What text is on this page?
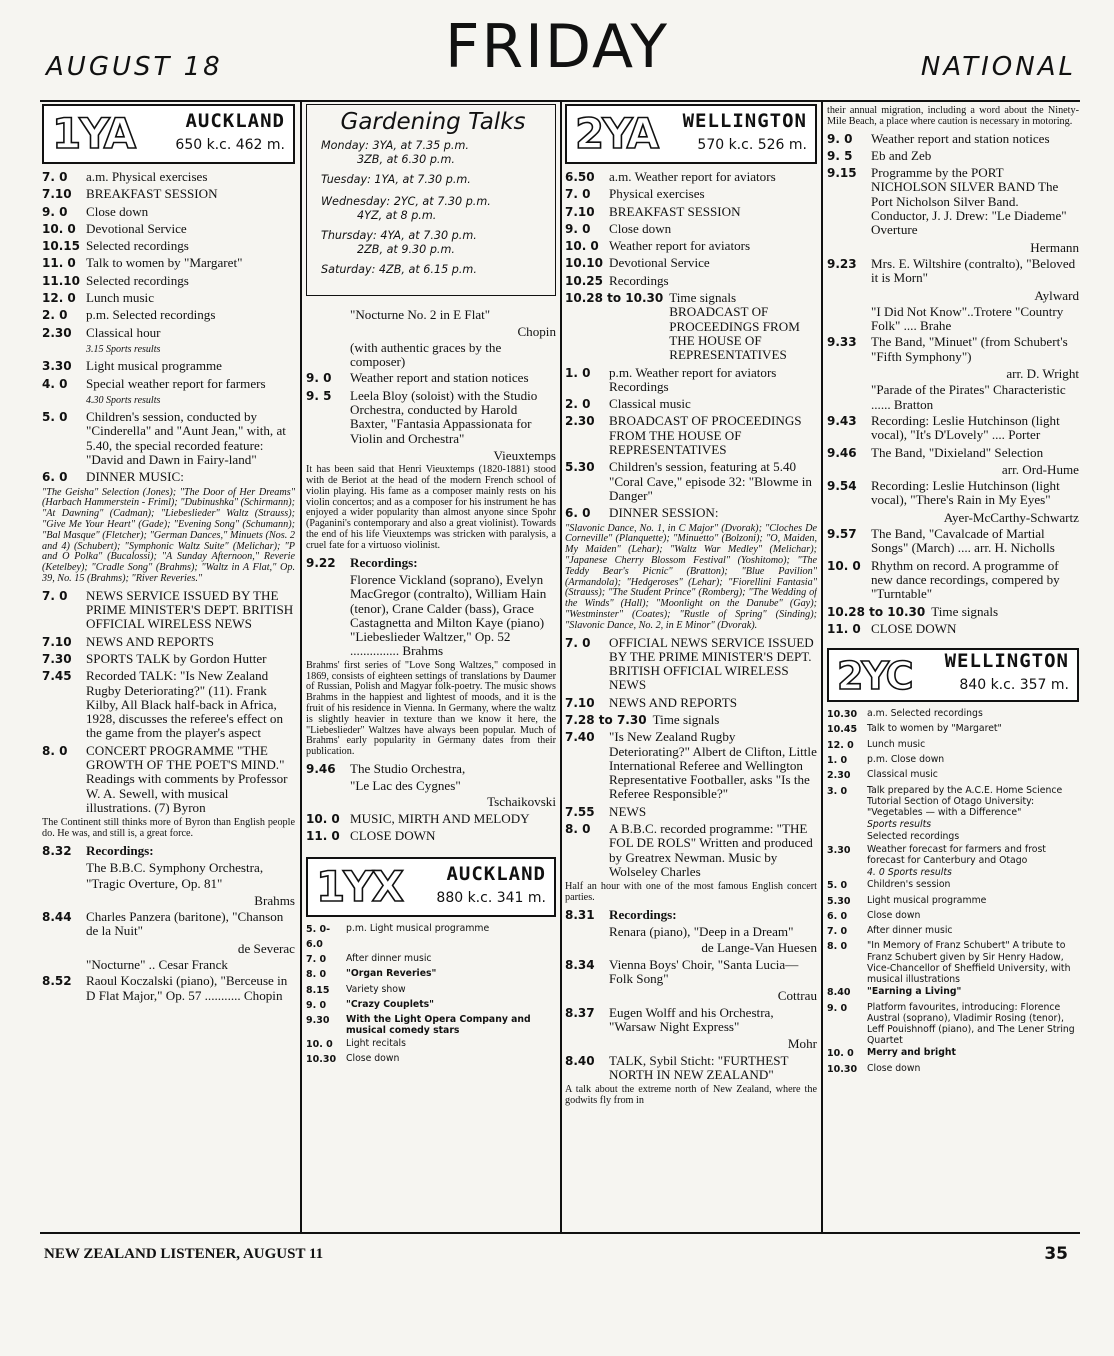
AUGUST 18	FRIDAY	NATIONAL
1YA	AUCKLAND
650 k.c. 462 m.
7. 0	a.m. Physical exercises
7.10	BREAKFAST SESSION
9. 0	Close down
10. 0 Devotional Service
10.15 Selected recordings
11. 0 Talk to women by "Margaret"
11.10 Selected recordings
12. 0 Lunch music
2. 0	p.m. Selected recordings
2.30	Classical hour
3.15 Sports results
3.30	Light musical programme
4. 0	Special weather report for farmers
4.30 Sports results
5. 0	Children's session, conducted by "Cinderella" and "Aunt Jean," with, at 5.40, the special recorded feature: "David and Dawn in Fairy-land"
6. 0	DINNER MUSIC:
"The Geisha" Selection (Jones); "The Door of Her Dreams" (Harbach Hammerstein - Friml); "Dubinushka" (Schirmann); "At Dawning" (Cadman); "Liebeslieder" Waltz (Strauss); "Give Me Your Heart" (Gade); "Evening Song" (Schumann); "Bal Masque" (Fletcher); "German Dances," Minuets (Nos. 2 and 4) (Schubert); "Symphonic Waltz Suite" (Melichar); "P and O Polka" (Bucalossi); "A Sunday Afternoon," Reverie (Ketelbey); "Cradle Song" (Brahms); "Waltz in A Flat," Op. 39, No. 15 (Brahms); "River Reveries."
7. 0	NEWS SERVICE ISSUED BY THE PRIME MINISTER'S DEPT. BRITISH OFFICIAL WIRELESS NEWS
7.10	NEWS AND REPORTS
7.30	SPORTS TALK by Gordon Hutter
7.45	Recorded TALK: "Is New Zealand Rugby Deteriorating?" (11). Frank Kilby, All Black half-back in Africa, 1928, discusses the referee's effect on the game from the player's aspect
8. 0	CONCERT PROGRAMME "THE GROWTH OF THE POET'S MIND." Readings with comments by Professor W. A. Sewell, with musical illustrations. (7) Byron
The Continent still thinks more of Byron than English people do. He was, and still is, a great force.
8.32	Recordings:
The B.B.C. Symphony Orchestra,
"Tragic Overture, Op. 81"
Brahms
8.44	Charles Panzera (baritone), "Chanson de la Nuit"
de Severac
"Nocturne" .. Cesar Franck
8.52	Raoul Koczalski (piano), "Berceuse in D Flat Major," Op. 57 ........... Chopin
Gardening Talks
Monday: 3YA, at 7.35 p.m.
3ZB, at 6.30 p.m.
Tuesday: 1YA, at 7.30 p.m.
Wednesday: 2YC, at 7.30 p.m.
4YZ, at 8 p.m.
Thursday: 4YA, at 7.30 p.m.
2ZB, at 9.30 p.m.
Saturday: 4ZB, at 6.15 p.m.
"Nocturne No. 2 in E Flat"
Chopin
(with authentic graces by the composer)
9. 0	Weather report and station notices
9. 5	Leela Bloy (soloist) with the Studio Orchestra, conducted by Harold Baxter, "Fantasia Appassionata for Violin and Orchestra"
Vieuxtemps
It has been said that Henri Vieuxtemps (1820-1881) stood with de Beriot at the head of the modern French school of violin playing. His fame as a composer mainly rests on his violin concertos; and as a composer for his instrument he has enjoyed a wider popularity than almost anyone since Spohr (Paganini's contemporary and also a great violinist). Towards the end of his life Vieuxtemps was stricken with paralysis, a cruel fate for a virtuoso violinist.
9.22	Recordings:
Florence Vickland (soprano), Evelyn MacGregor (contralto), William Hain (tenor), Crane Calder (bass), Grace Castagnetta and Milton Kaye (piano) "Liebeslieder Waltzer," Op. 52 ............... Brahms
Brahms' first series of "Love Song Waltzes," composed in 1869, consists of eighteen settings of translations by Daumer of Russian, Polish and Magyar folk-poetry. The music shows Brahms in the happiest and lightest of moods, and it is the fruit of his residence in Vienna. In Germany, where the waltz is slightly heavier in texture than we know it here, the "Liebeslieder" Waltzes have always been popular. Much of Brahms' early popularity in Germany dates from their publication.
9.46	The Studio Orchestra,
"Le Lac des Cygnes"
Tschaikovski
10. 0 MUSIC, MIRTH AND MELODY
11. 0 CLOSE DOWN
1YX AUCKLAND
880 k.c. 341 m.
5. 0-6.0
p.m. Light musical programme
7. 0	After dinner music
8. 0	"Organ Reveries"
8.15	Variety show
9. 0	"Crazy Couplets"
9.30	With the Light Opera Company and musical comedy stars
10. 0	Light recitals
10.30	Close down
2YA WELLINGTON
570 k.c. 526 m.
6.50	a.m. Weather report for aviators
7. 0	Physical exercises
7.10	BREAKFAST SESSION
9. 0	Close down
10. 0 Weather report for aviators
10.10 Devotional Service
10.25 Recordings
10.28 to 10.30 Time signals BROADCAST OF PROCEEDINGS FROM THE HOUSE OF REPRESENTATIVES
1. 0	p.m. Weather report for aviators Recordings
2. 0	Classical music
2.30	BROADCAST OF PROCEEDINGS FROM THE HOUSE OF REPRESENTATIVES
5.30	Children's session, featuring at 5.40 "Coral Cave," episode 32: "Blowme in Danger"
6. 0	DINNER SESSION:
"Slavonic Dance, No. 1, in C Major" (Dvorak); "Cloches De Corneville" (Planquette); "Minuetto" (Bolzoni); "O, Maiden, My Maiden" (Lehar); "Waltz War Medley" (Melichar); "Japanese Cherry Blossom Festival" (Yoshitomo); "The Teddy Bear's Picnic" (Bratton); "Blue Pavilion" (Armandola); "Hedgeroses" (Lehar); "Fiorellini Fantasia" (Strauss); "The Student Prince" (Romberg); "The Wedding of the Winds" (Hall); "Moonlight on the Danube" (Gay); "Westminster" (Coates); "Rustle of Spring" (Sinding); "Slavonic Dance, No. 2, in E Minor" (Dvorak).
7. 0	OFFICIAL NEWS SERVICE ISSUED BY THE PRIME MINISTER'S DEPT. BRITISH OFFICIAL WIRELESS NEWS
7.10	NEWS AND REPORTS
7.28 to 7.30 Time signals
7.40	"Is New Zealand Rugby Deteriorating?" Albert de Clifton, Little International Referee and Wellington Representative Footballer, asks "Is the Referee Responsible?"
7.55	NEWS
8. 0	A B.B.C. recorded programme: "THE FOL DE ROLS" Written and produced by Greatrex Newman. Music by Wolseley Charles
Half an hour with one of the most famous English concert parties.
8.31	Recordings:
Renara (piano), "Deep in a Dream"
de Lange-Van Huesen
8.34	Vienna Boys' Choir, "Santa Lucia—Folk Song"
Cottrau
8.37	Eugen Wolff and his Orchestra, "Warsaw Night Express"
Mohr
8.40	TALK, Sybil Sticht: "FURTHEST NORTH IN NEW ZEALAND"
A talk about the extreme north of New Zealand, where the godwits fly from in
their annual migration, including a word about the Ninety-Mile Beach, a place where caution is necessary in motoring.
9. 0	Weather report and station notices
9. 5	Eb and Zeb
9.15	Programme by the PORT NICHOLSON SILVER BAND The Port Nicholson Silver Band. Conductor, J. J. Drew: "Le Diademe" Overture
Hermann
9.23	Mrs. E. Wiltshire (contralto), "Beloved it is Morn"
Aylward
"I Did Not Know"..Trotere "Country Folk" .... Brahe
9.33	The Band, "Minuet" (from Schubert's "Fifth Symphony")
arr. D. Wright
"Parade of the Pirates" Characteristic ...... Bratton
9.43	Recording: Leslie Hutchinson (light vocal), "It's D'Lovely" .... Porter
9.46	The Band, "Dixieland" Selection
arr. Ord-Hume
9.54	Recording: Leslie Hutchinson (light vocal), "There's Rain in My Eyes"
Ayer-McCarthy-Schwartz
9.57	The Band, "Cavalcade of Martial Songs" (March) .... arr. H. Nicholls
10. 0 Rhythm on record. A programme of new dance recordings, compered by "Turntable"
10.28 to 10.30 Time signals
11. 0 CLOSE DOWN
2YC WELLINGTON
840 k.c. 357 m.
10.30	a.m. Selected recordings
10.45	Talk to women by "Margaret"
12. 0	Lunch music
1. 0	p.m. Close down
2.30	Classical music
3. 0	Talk prepared by the A.C.E. Home Science Tutorial Section of Otago University: "Vegetables — with a Difference"
Sports results
Selected recordings
3.30	Weather forecast for farmers and frost forecast for Canterbury and Otago
4. 0 Sports results
5. 0	Children's session
5.30	Light musical programme
6. 0	Close down
7. 0	After dinner music
8. 0	"In Memory of Franz Schubert" A tribute to Franz Schubert given by Sir Henry Hadow, Vice-Chancellor of Sheffield University, with musical illustrations
8.40	"Earning a Living"
9. 0	Platform favourites, introducing: Florence Austral (soprano), Vladimir Rosing (tenor), Leff Pouishnoff (piano), and The Lener String Quartet
10. 0	Merry and bright
10.30	Close down
NEW ZEALAND LISTENER, AUGUST 11	35
